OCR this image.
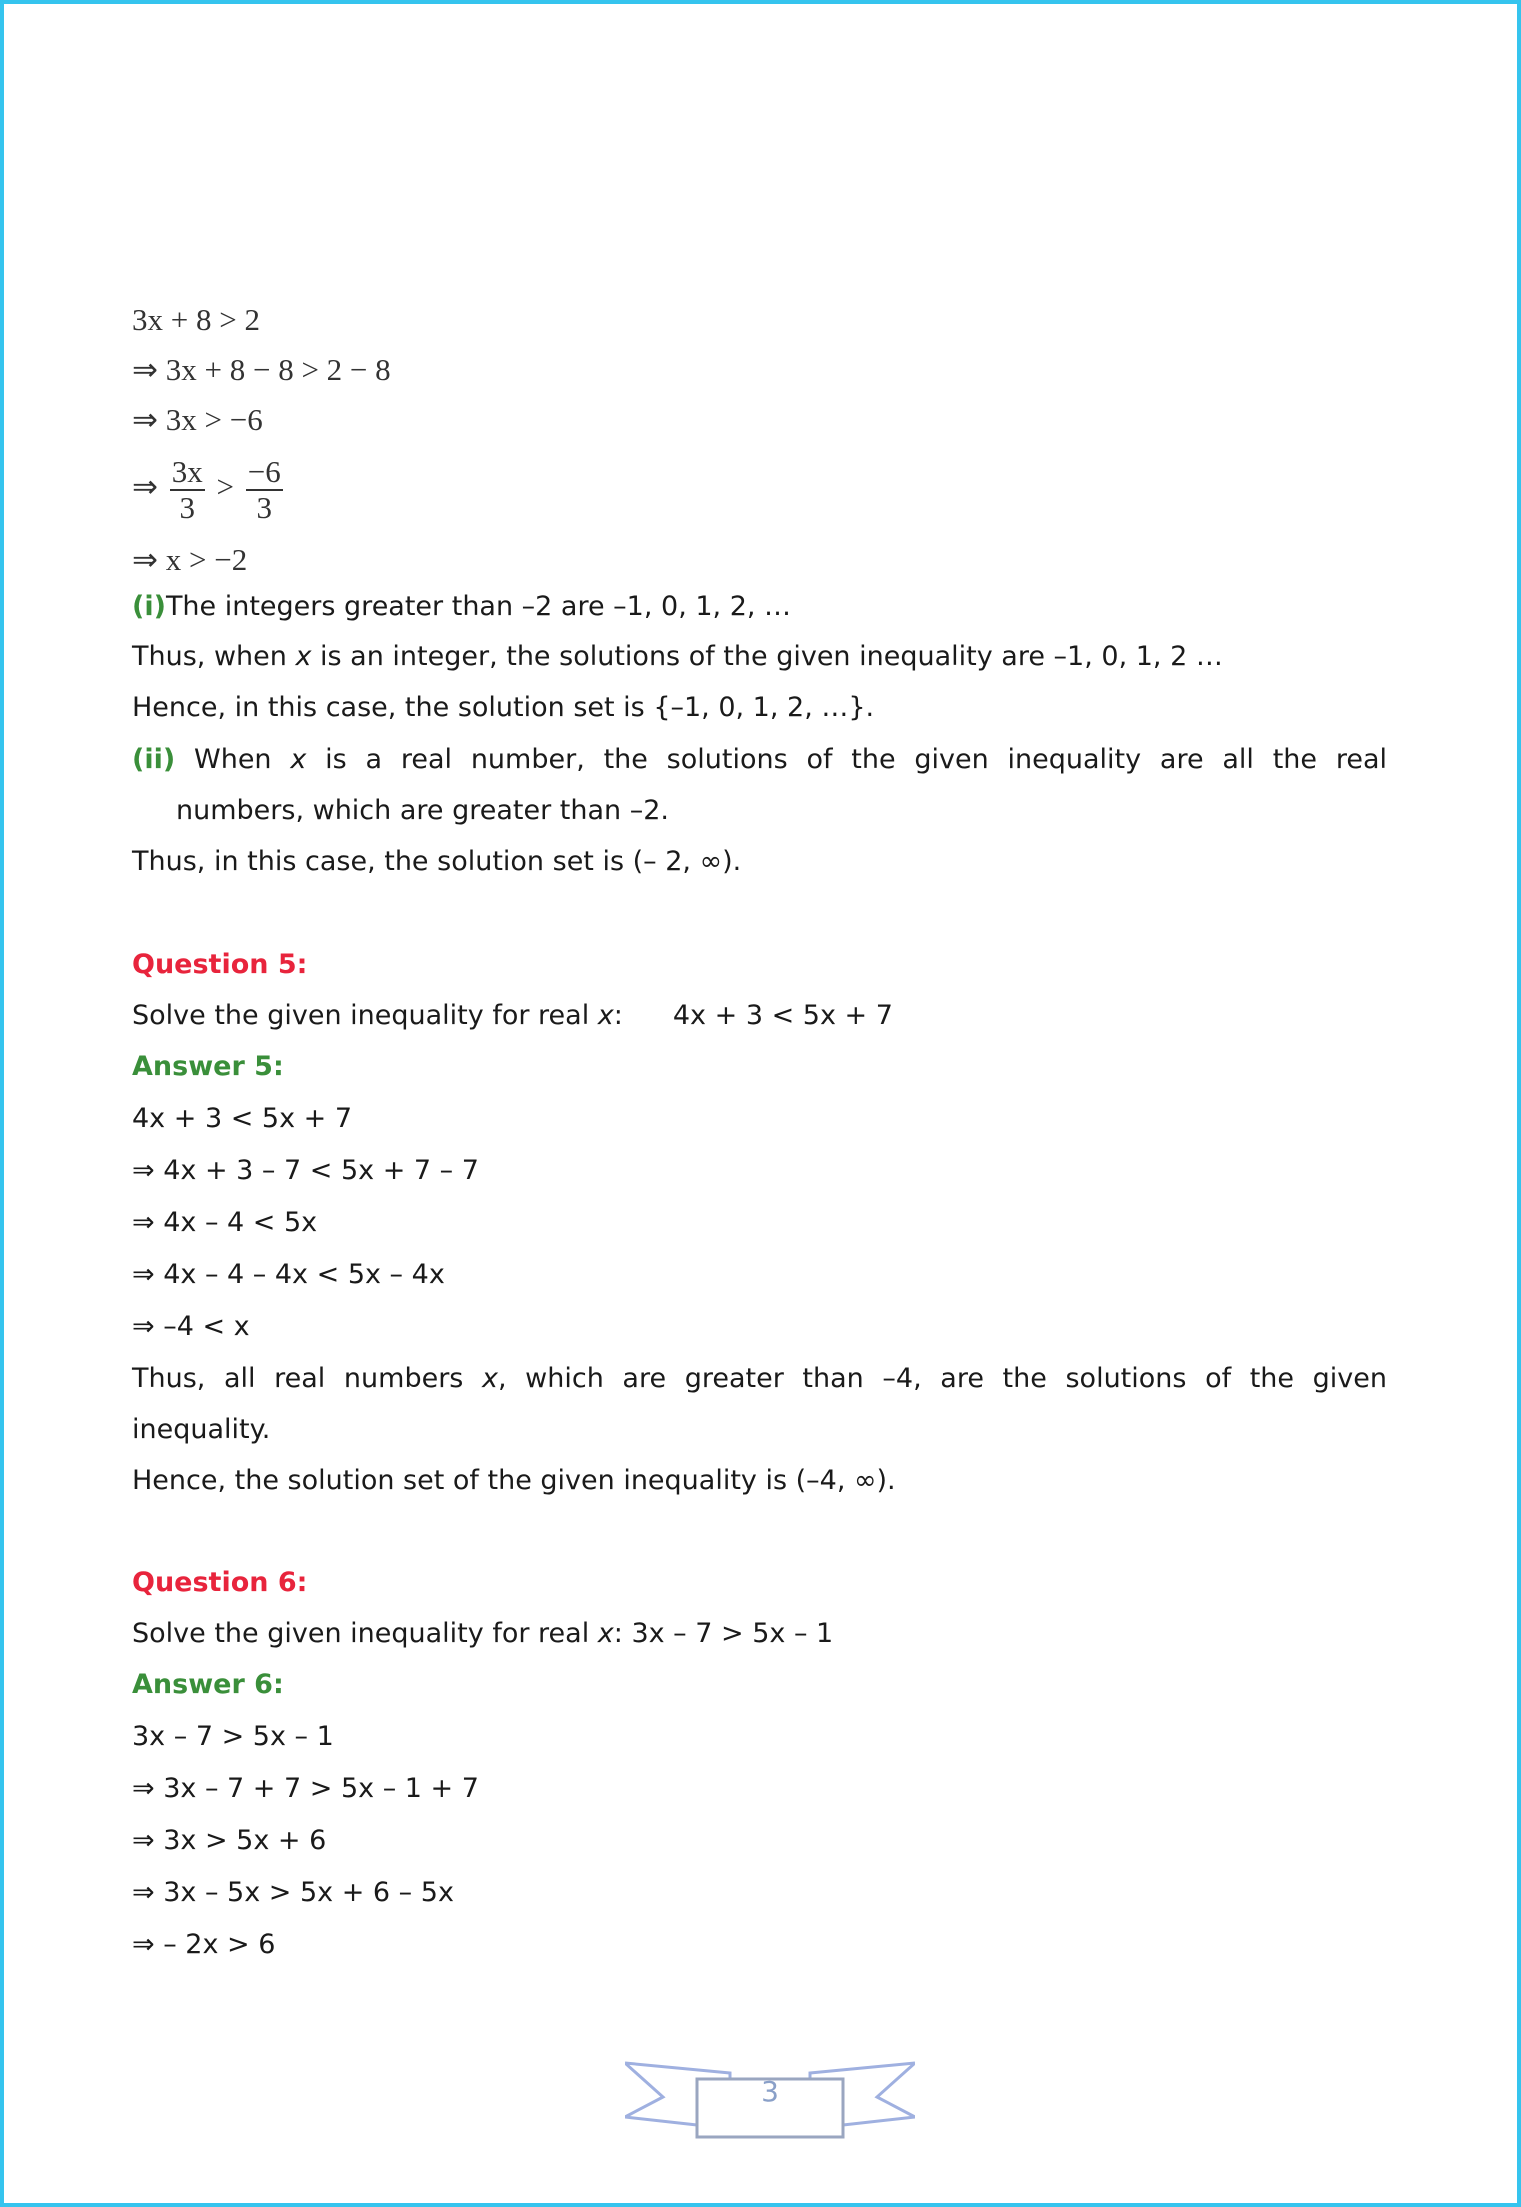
3x + 8 > 2
⇒ 3x + 8 − 8 > 2 − 8
⇒ 3x > −6
⇒ $\frac{3x}{3} > \frac{-6}{3}$
⇒ x > −2
(i)The integers greater than –2 are –1, 0, 1, 2, …
Thus, when x is an integer, the solutions of the given inequality are –1, 0, 1, 2 …
Hence, in this case, the solution set is {–1, 0, 1, 2, …}.
(ii) When x is a real number, the solutions of the given inequality are all the real
numbers, which are greater than –2.
Thus, in this case, the solution set is (– 2, ∞).
Question 5:
Solve the given inequality for real x: 4x + 3 < 5x + 7
Answer 5:
4x + 3 < 5x + 7
⇒ 4x + 3 – 7 < 5x + 7 – 7
⇒ 4x – 4 < 5x
⇒ 4x – 4 – 4x < 5x – 4x
⇒ –4 < x
Thus, all real numbers x, which are greater than –4, are the solutions of the given
inequality.
Hence, the solution set of the given inequality is (–4, ∞).
Question 6:
Solve the given inequality for real x: 3x – 7 > 5x – 1
Answer 6:
3x – 7 > 5x – 1
⇒ 3x – 7 + 7 > 5x – 1 + 7
⇒ 3x > 5x + 6
⇒ 3x – 5x > 5x + 6 – 5x
⇒ – 2x > 6
3
